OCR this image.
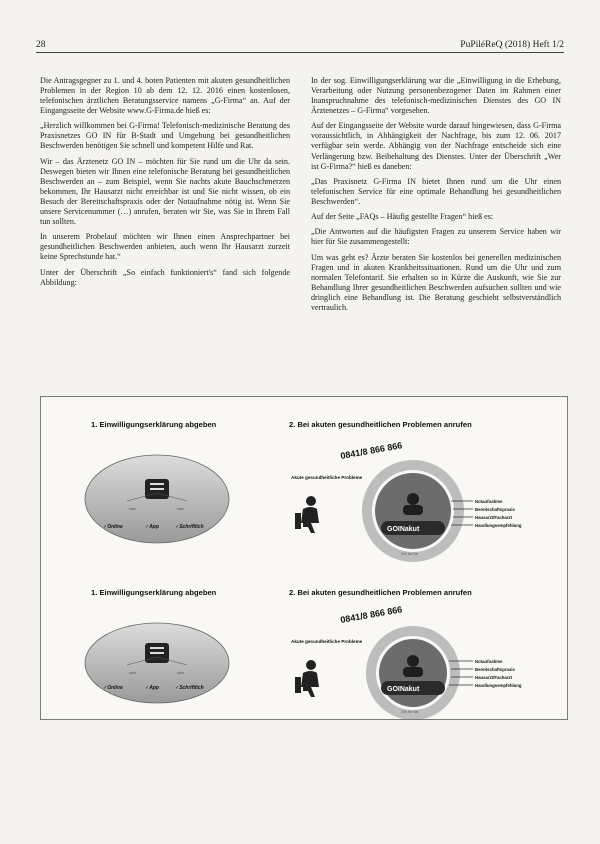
28	PuPiléReQ (2018) Heft 1/2

Die Antragsgegner zu 1. und 4. boten Patienten mit akuten gesundheitlichen Problemen in der Region 10 ab dem 12. 12. 2016 einen kostenlosen, telefonischen ärztlichen Beratungsservice namens „G-Firma“ an. Auf der Eingangsseite der Website www.G-Firma.de hieß es:

„Herzlich willkommen bei G-Firma! Telefonisch-medizinische Beratung des Praxisnetzes GO IN für B-Stadt und Umgebung bei gesundheitlichen Beschwerden benötigen Sie schnell und kompetent Hilfe und Rat.

Wir – das Ärztenetz GO IN – möchten für Sie rund um die Uhr da sein. Deswegen bieten wir Ihnen eine telefonische Beratung bei gesundheitlichen Beschwerden an – zum Beispiel, wenn Sie nachts akute Bauchschmerzen bekommen, Ihr Hausarzt nicht erreichbar ist und Sie nicht wissen, ob ein Besuch der Bereitschaftspraxis oder der Notaufnahme nötig ist. Wenn Sie unsere Servicenummer (…) anrufen, beraten wir Sie, was Sie in Ihrem Fall tun sollten.

In unserem Probelauf möchten wir Ihnen einen Ansprechpartner bei gesundheitlichen Beschwerden anbieten, auch wenn Ihr Hausarzt zurzeit keine Sprechstunde hat.“

Unter der Überschrift „So einfach funktioniert's“ fand sich folgende Abbildung:

In der sog. Einwilligungserklärung war die „Einwilligung in die Erhebung, Verarbeitung oder Nutzung personenbezogener Daten im Rahmen einer Inanspruchnahme des telefonisch-medizinischen Dienstes des GO IN Ärztenetzes – G-Firma“ vorgesehen.

Auf der Eingangsseite der Website wurde darauf hingewiesen, dass G-Firma voraussichtlich, in Abhängigkeit der Nachfrage, bis zum 12. 06. 2017 verfügbar sein werde. Abhängig von der Nachfrage entscheide sich eine Verlängerung bzw. Beibehaltung des Dienstes. Unter der Überschrift „Wer ist G-Firma?“ hieß es daneben:

„Das Praxisnetz G-Firma IN bietet Ihnen rund um die Uhr einen telefonischen Service für eine optimale Behandlung bei gesundheitlichen Beschwerden“.

Auf der Seite „FAQs – Häufig gestellte Fragen“ hieß es:

„Die Antworten auf die häufigsten Fragen zu unserem Service haben wir hier für Sie zusammengestellt:

Um was geht es? Ärzte beraten Sie kostenlos bei generellen medizinischen Fragen und in akuten Krankheitssituationen. Rund um die Uhr und zum normalen Telefontarif. Sie erhalten so in Kürze die Auskunft, wie Sie zur Behandlung Ihrer gesundheitlichen Beschwerden aufsuchen sollten und wie dringlich eine Behandlung ist. Die Beratung geschieht selbstverständlich vertraulich.

1. Einwilligungserklärung abgeben	2. Bei akuten gesundheitlichen Problemen anrufen
oder	oder
✓Online	✓App	✓Schriftlich
0841/8 866 866
Akute gesundheitliche Probleme
GOINakut
24h für Sie
Notaufnahme
Bereitschaftspraxis
Hausarzt/Facharzt
Handlungsempfehlung
1. Einwilligungserklärung abgeben	2. Bei akuten gesundheitlichen Problemen anrufen
oder	oder
✓Online	✓App	✓Schriftlich
0841/8 866 866
Akute gesundheitliche Probleme
GOINakut
24h für Sie
Notaufnahme
Bereitschaftspraxis
Hausarzt/Facharzt
Handlungsempfehlung
